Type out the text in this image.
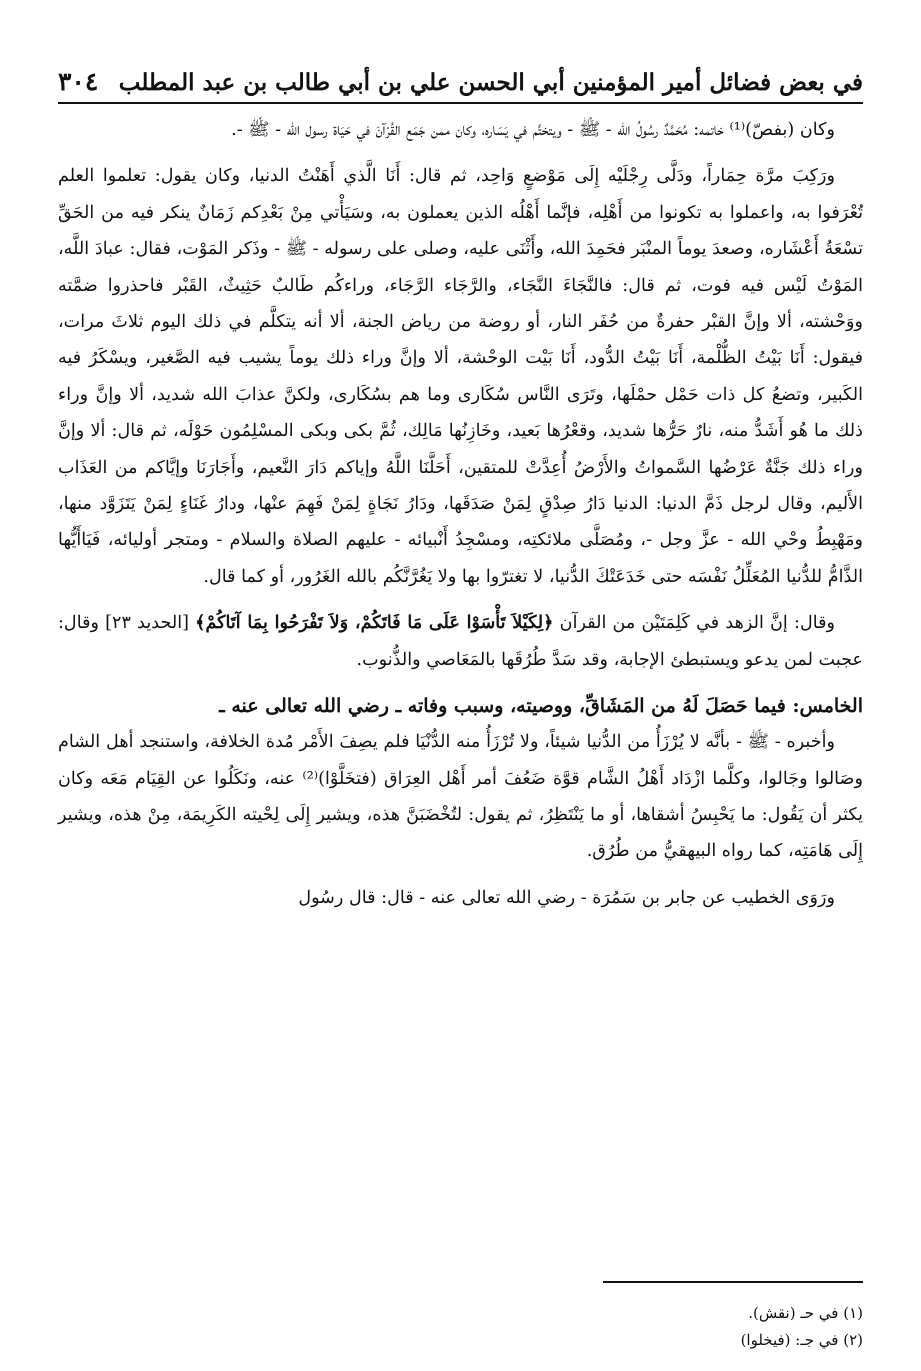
في بعض فضائل أمير المؤمنين أبي الحسن علي بن أبي طالب بن عبد المطلب
٣٠٤

وكان (بفصّ)⁽¹⁾ خاتمه: مُحَمَّدٌ رسُولُ الله - ﷺ - ويتختَّم في يَسَاره، وكان ممن جَمَع القُرْآنَ في حَيَاة رسول الله - ﷺ -.

ورَكِبَ مرَّة حِمَاراً، ودَلَّى رِجْلَيْه إِلَى مَوْضعٍ وَاحِد، ثم قال: أَنَا الَّذي أَهَنْتُ الدنيا، وكان يقول: تعلموا العلم تُعْرَفوا به، واعملوا به تكونوا من أَهْلِه، فإنَّما أَهْلُه الذين يعملون به، وسَيَأْتي مِنْ بَعْدِكم زَمَانٌ ينكر فيه من الحَقِّ تسْعَةُ أَعْشَاره، وصعدَ يوماً المنْبَر فحَمِدَ الله، وأَثْنَى عليه، وصلى على رسوله - ﷺ - وذَكر المَوْت، فقال: عبادَ اللَّه، المَوْتُ لَيْس فيه فوت، ثم قال: فالنَّجَاءَ النَّجَاء، والرَّجَاء الرَّجَاء، وراءكُم طَالبٌ حَثِيثٌ، القَبْر فاحذروا ضمَّته ووَحْشته، ألا وإنَّ القبْر حفرةٌ من حُفَر النار، أو روضة من رياض الجنة، ألا أنه يتكلَّم في ذلك اليوم ثلاثَ مرات، فيقول: أَنَا بَيْتُ الظُّلْمة، أَنَا بَيْتُ الدُّود، أَنَا بَيْت الوحْشة، ألا وإنَّ وراء ذلك يوماً يشيب فيه الصَّغير، ويسْكَرُ فيه الكَبير، وتضعُ كل ذات حَمْل حمْلَها، وتَرَى النَّاس سُكَارى وما هم بسُكَارى، ولكنَّ عذابَ الله شديد، ألا وإنَّ وراء ذلك ما هُو أَشَدُّ منه، نارٌ حَرُّها شديد، وقعْرُها بَعيد، وخَازِنُها مَالِك، ثُمَّ بكى وبكى المسْلِمُون حَوْلَه، ثم قال: ألا وإنَّ وراء ذلك جَنَّةٌ عَرْضُها السَّمواتُ والأَرْضُ أُعِدَّتْ للمتقين، أَحَلَّنَا اللَّهُ وإياكم دَارَ النَّعيم، وأَجَارَنَا وإيَّاكم من العَذَاب الأَليم، وقال لرجل ذَمَّ الدنيا: الدنيا دَارُ صِدْقٍ لِمَنْ صَدَقَها، ودَارُ نَجَاةٍ لِمَنْ فَهِمَ عنْها، ودارُ غَنَاءٍ لِمَنْ يَتَزَوَّد منها، ومَهْبِطُ وحْي الله - عزَّ وجل -، ومُصَلَّى ملائكتِه، ومسْجِدُ أَنْبيائه - عليهم الصلاة والسلام - ومتجر أوليائه، فَيَاأَيُّها الذَّامُّ للدُّنيا المُعَلِّلُ نَفْسَه حتى خَدَعَتْكَ الدُّنيا، لا تغترّوا بها ولا يَغُرَّنَّكُم بالله الغَرُور، أو كما قال.

وقال: إنَّ الزهد في كَلِمَتَيْن من القرآن ﴿لِكَيْلاَ تَأْسَوْا عَلَى مَا فَاتَكُمْ، وَلاَ تَفْرَحُوا بِمَا آتَاكُمْ﴾ [الحديد ٢٣] وقال: عجبت لمن يدعو ويستبطئ الإجابة، وقد سَدَّ طُرُقَها بالمَعَاصي والذُّنوب.

الخامس: فيما حَصَلَ لَهُ من المَشَاقِّ، ووصيته، وسبب وفاته ـ رضي الله تعالى عنه ـ

وأخبره - ﷺ - بأنَّه لا يُرْزَأُ من الدُّنيا شيئاً، ولا تُرْزَأُ منه الدُّنْيَا فلم يصِفَ الأَمْر مُدة الخلافة، واستنجد أهل الشام وصَالوا وجَالوا، وكلَّما ازْدَاد أَهْلُ الشَّام قوَّة ضَعُفَ أمر أَهْل العِرَاق (فتخَلَّوْا)⁽²⁾ عنه، ونَكَلُوا عن القِيَام مَعَه وكان يكثر أن يَقُول: ما يَحْبِسُ أشقاها، أو ما يَنْتَظِرُ، ثم يقول: لتُخْضَبَنَّ هذه، ويشير إِلَى لِحْيته الكَرِيمَة، مِنْ هذه، ويشير إِلَى هَامَتِه، كما رواه البيهقيُّ من طُرُق.

ورَوَى الخطيب عن جابر بن سَمُرَة - رضي الله تعالى عنه - قال: قال رسُول

(١) في حـ (نقش).
(٢) في جـ: (فيخلوا)
